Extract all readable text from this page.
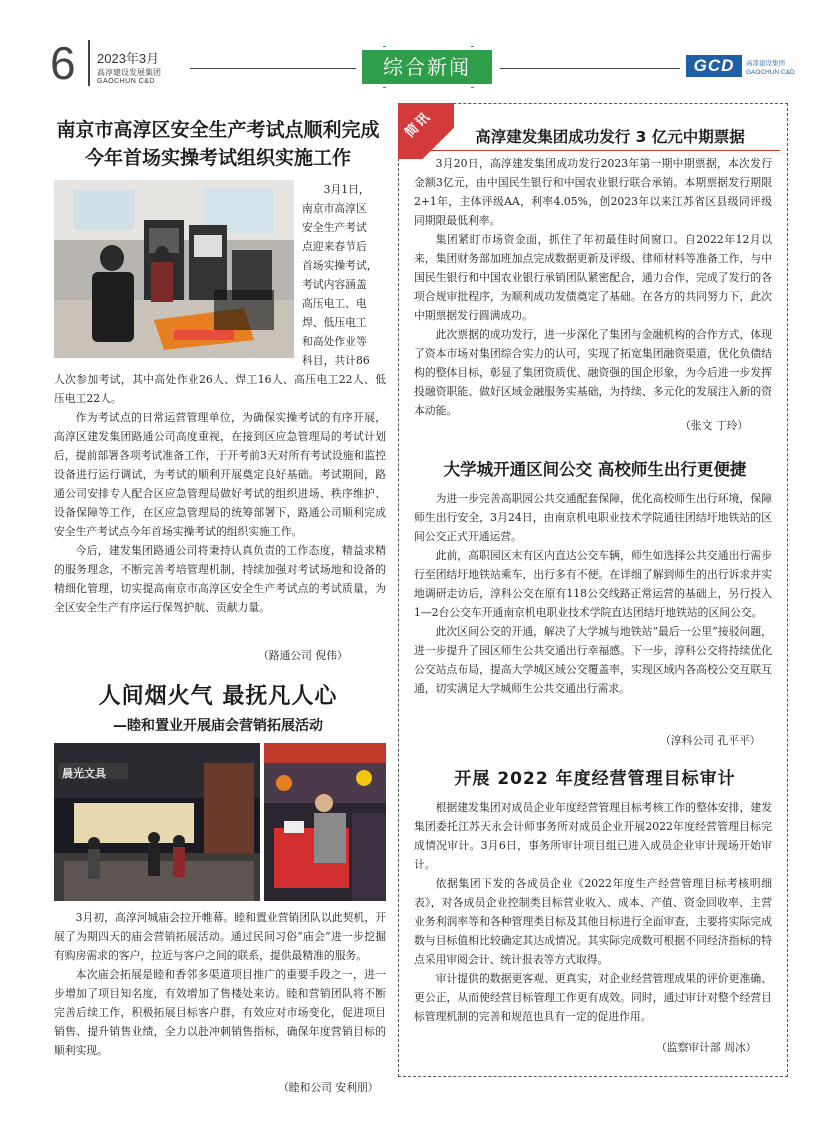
6 2023年3月
高淳建设发展集团
GAOCHUN C&D
综合新闻	GCD	高淳建设集团
GAOCHUN C&D
南京市高淳区安全生产考试点顺利完成
今年首场实操考试组织实施工作
3月1日，
南京市高淳区
安全生产考试
点迎来春节后
首场实操考试，
考试内容涵盖
高压电工、电
焊、低压电工
和高处作业等
科目，共计86

人次参加考试，其中高处作业26人、焊工16人、高压电工22人、低压电工22人。

作为考试点的日常运营管理单位，为确保实操考试的有序开展，高淳区建发集团路通公司高度重视，在接到区应急管理局的考试计划后，提前部署各项考试准备工作，于开考前3天对所有考试设施和监控设备进行运行调试，为考试的顺利开展奠定良好基础。考试期间，路通公司安排专人配合区应急管理局做好考试的组织进场、秩序维护、设备保障等工作，在区应急管理局的统筹部署下，路通公司顺利完成安全生产考试点今年首场实操考试的组织实施工作。

今后，建发集团路通公司将秉持认真负责的工作态度，精益求精的服务理念，不断完善考培管理机制，持续加强对考试场地和设备的精细化管理，切实提高南京市高淳区安全生产考试点的考试质量，为全区安全生产有序运行保驾护航、贡献力量。

（路通公司 倪伟）
人间烟火气 最抚凡人心
—睦和置业开展庙会营销拓展活动
晨光文具

3月初，高淳河城庙会拉开帷幕。睦和置业营销团队以此契机，开展了为期四天的庙会营销拓展活动。通过民间习俗“庙会”进一步挖掘有购房需求的客户，拉近与客户之间的联系，提供最精准的服务。

本次庙会拓展是睦和香邻多渠道项目推广的重要手段之一，进一步增加了项目知名度，有效增加了售楼处来访。睦和营销团队将不断完善后续工作，积极拓展目标客户群，有效应对市场变化，促进项目销售、提升销售业绩，全力以赴冲刺销售指标，确保年度营销目标的顺利实现。

（睦和公司 安利朋）
简讯	高淳建发集团成功发行 3 亿元中期票据

3月20日，高淳建发集团成功发行2023年第一期中期票据，本次发行金额3亿元，由中国民生银行和中国农业银行联合承销。本期票据发行期限2+1年，主体评级AA，利率4.05%，创2023年以来江苏省区县级同评级同期限最低利率。

集团紧盯市场资金面，抓住了年初最佳时间窗口。自2022年12月以来，集团财务部加班加点完成数据更新及评级、律师材料等准备工作，与中国民生银行和中国农业银行承销团队紧密配合，通力合作，完成了发行的各项合规审批程序，为顺利成功发债奠定了基础。在各方的共同努力下，此次中期票据发行圆满成功。

此次票据的成功发行，进一步深化了集团与金融机构的合作方式，体现了资本市场对集团综合实力的认可，实现了拓宽集团融资渠道，优化负债结构的整体目标，彰显了集团资质优、融资强的国企形象，为今后进一步发挥投融资职能、做好区域金融服务实基础，为持续、多元化的发展注入新的资本动能。

（张文 丁玲）
大学城开通区间公交 高校师生出行更便捷

为进一步完善高职园公共交通配套保障，优化高校师生出行环境，保障师生出行安全，3月24日，由南京机电职业技术学院通往团结圩地铁站的区间公交正式开通运营。

此前，高职园区末有区内直达公交车辆，师生如选择公共交通出行需步行至团结圩地铁站乘车，出行多有不便。在详细了解到师生的出行诉求并实地调研走访后，淳科公交在原有118公交线路正常运营的基础上，另行投入1—2台公交车开通南京机电职业技术学院直达团结圩地铁站的区间公交。

此次区间公交的开通，解决了大学城与地铁站“最后一公里”接驳问题，进一步提升了园区师生公共交通出行幸福感。下一步，淳科公交将持续优化公交站点布局，提高大学城区域公交覆盖率，实现区域内各高校公交互联互通，切实满足大学城师生公共交通出行需求。

（淳科公司 孔平平）
开展 2022 年度经营管理目标审计

根据建发集团对成员企业年度经营管理目标考核工作的整体安排，建发集团委托江苏天永会计师事务所对成员企业开展2022年度经营管理目标完成情况审计。3月6日，事务所审计项目组已进入成员企业审计现场开始审计。

依据集团下发的各成员企业《2022年度生产经营管理目标考核明细表》，对各成员企业控制类目标营业收入、成本、产值、资金回收率、主营业务利润率等和各种管理类目标及其他目标进行全面审查，主要将实际完成数与目标值相比较确定其达成情况。其实际完成数可根据不同经济指标的特点采用审阅会计、统计报表等方式取得。

审计提供的数据更客观、更真实，对企业经营管理成果的评价更准确、更公正，从而使经营目标管理工作更有成效。同时，通过审计对整个经营目标管理机制的完善和规范也具有一定的促进作用。

（监察审计部 周冰）
